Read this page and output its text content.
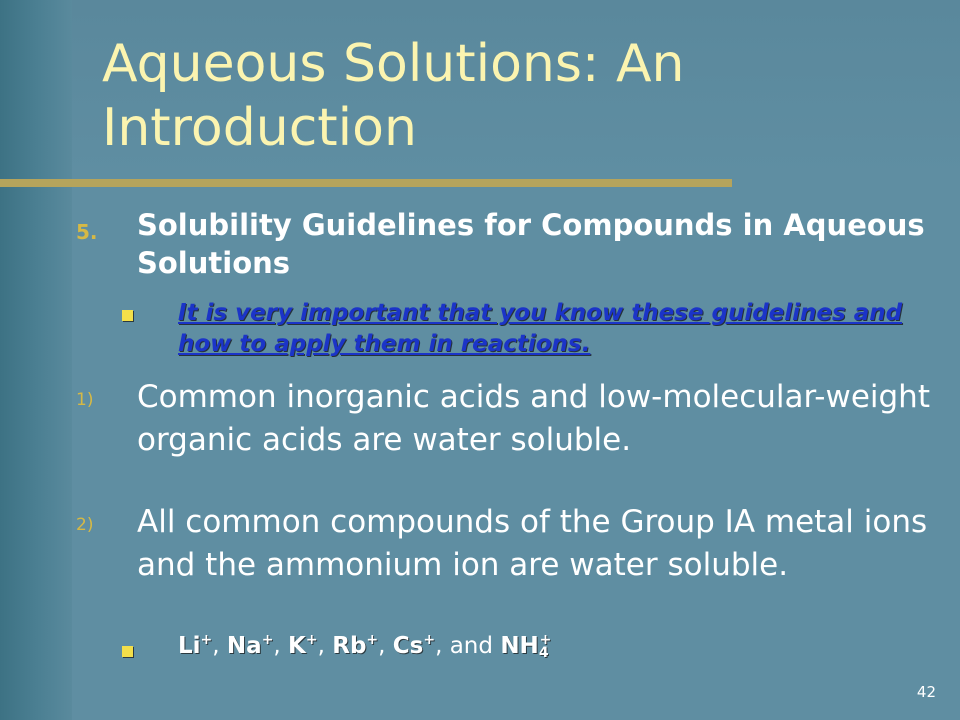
Aqueous Solutions: An Introduction
5. Solubility Guidelines for Compounds in Aqueous Solutions
It is very important that you know these guidelines and how to apply them in reactions.
1) Common inorganic acids and low-molecular-weight organic acids are water soluble.
2) All common compounds of the Group IA metal ions and the ammonium ion are water soluble.
Li+, Na+, K+, Rb+, Cs+, and $NH_4^+$
42
